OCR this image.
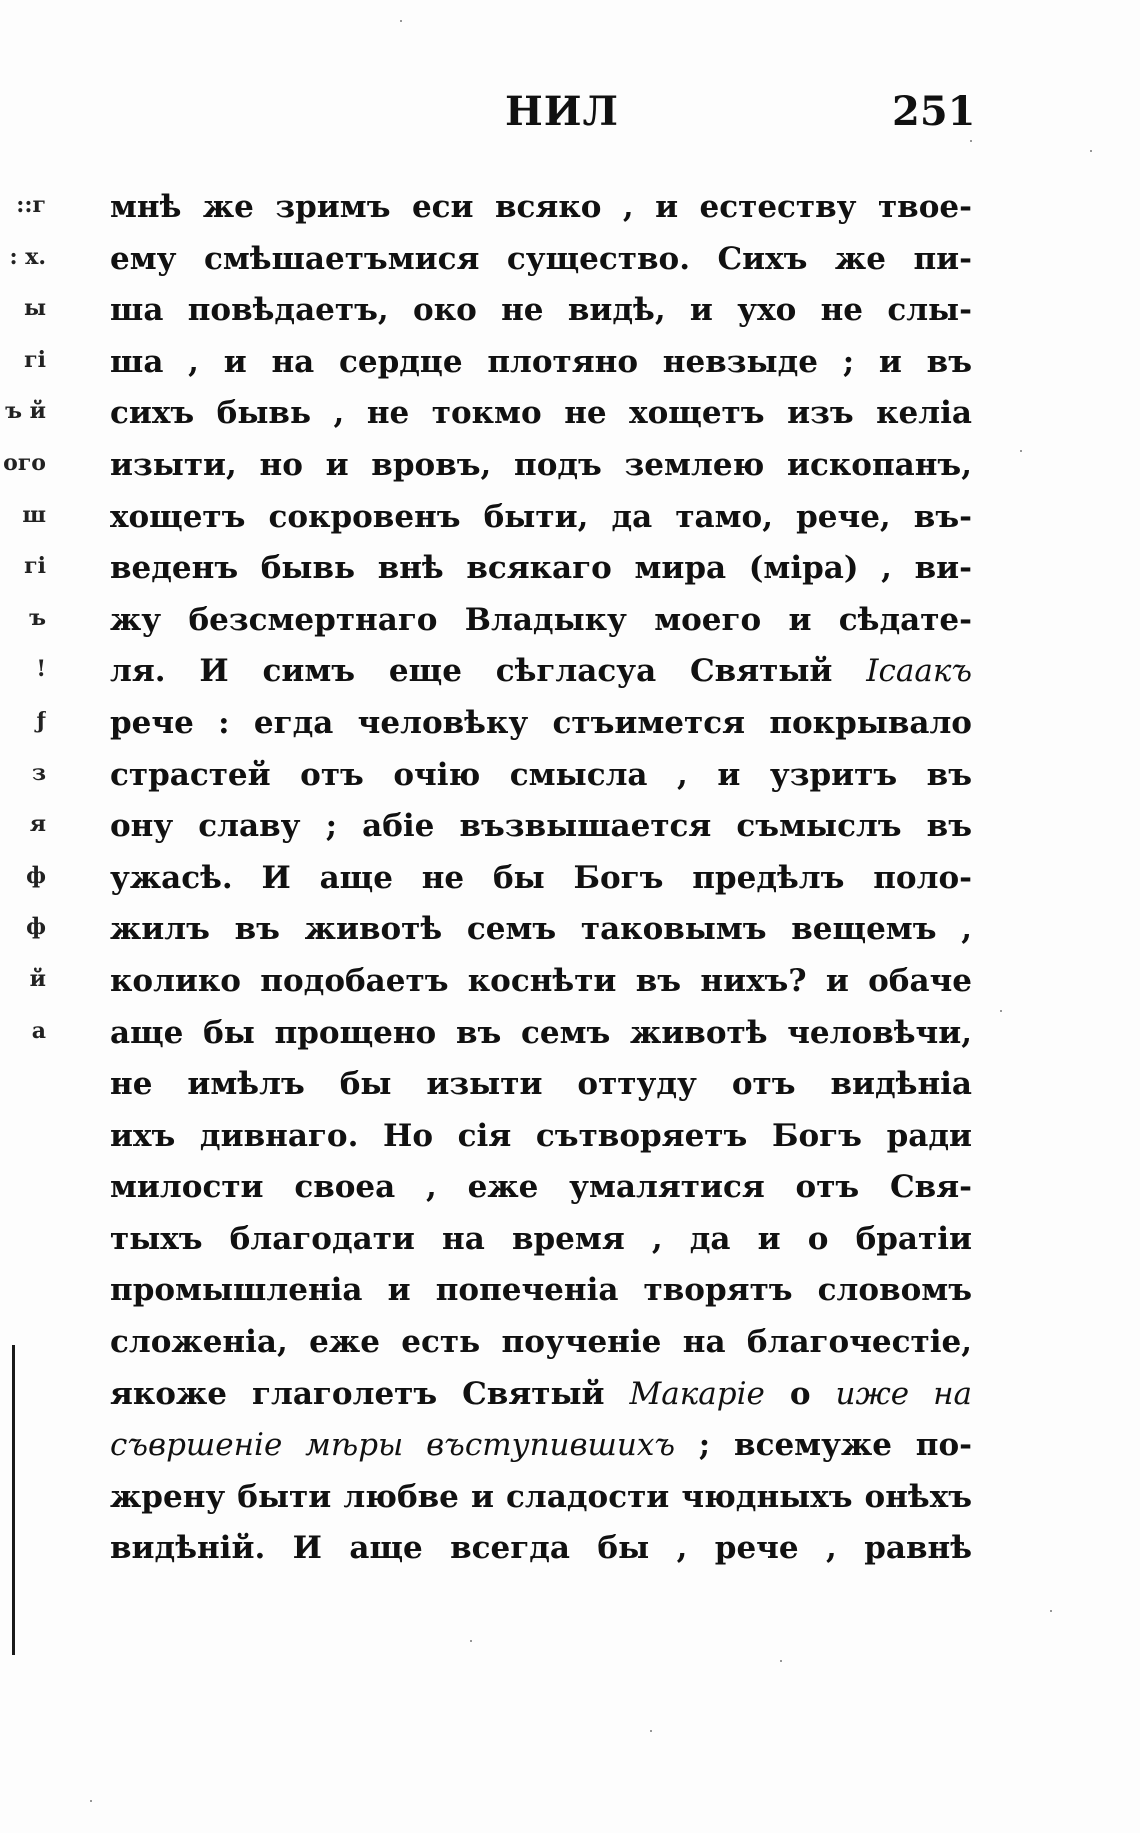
НИЛ	251
::г
: х.
ы
гі
ъ й
ого
ш
гі
ъ
!
ƒ
з
я
ф
ф
й
а
мнѣ же зримъ еси всяко , и естеству твое-
ему смѣшаетъмися существо. Сихъ же пи-
ша повѣдаетъ, око не видѣ, и ухо не слы-
ша , и на сердце плотяно невзыде ; и въ
сихъ бывь , не токмо не хощетъ изъ келіа
изыти, но и вровъ, подъ землею ископанъ,
хощетъ сокровенъ быти, да тамо, рече, въ-
веденъ бывь внѣ всякаго мира (міра) , ви-
жу безсмертнаго Владыку моего и сѣдате-
ля. И симъ еще сѣгласуа Святый Ісаакъ
рече : егда человѣку стъимется покрывало
страстей отъ очію смысла , и узритъ въ
ону славу ; абіе възвышается съмыслъ въ
ужасѣ. И аще не бы Богъ предѣлъ поло-
жилъ въ животѣ семъ таковымъ вещемъ ,
колико подобаетъ коснѣти въ нихъ? и обаче
аще бы прощено въ семъ животѣ человѣчи,
не имѣлъ бы изыти оттуду отъ видѣніа
ихъ дивнаго. Но сія сътворяетъ Богъ ради
милости своеа , еже умалятися отъ Свя-
тыхъ благодати на время , да и о братіи
промышленіа и попеченіа творятъ словомъ
сложеніа, еже есть поученіе на благочестіе,
якоже глаголетъ Святый Макаріе о иже на
съвршеніе мѣры въступившихъ ; всемуже по-
жрену быти любве и сладости чюдныхъ онѣхъ
видѣній. И аще всегда бы , рече , равнѣ
